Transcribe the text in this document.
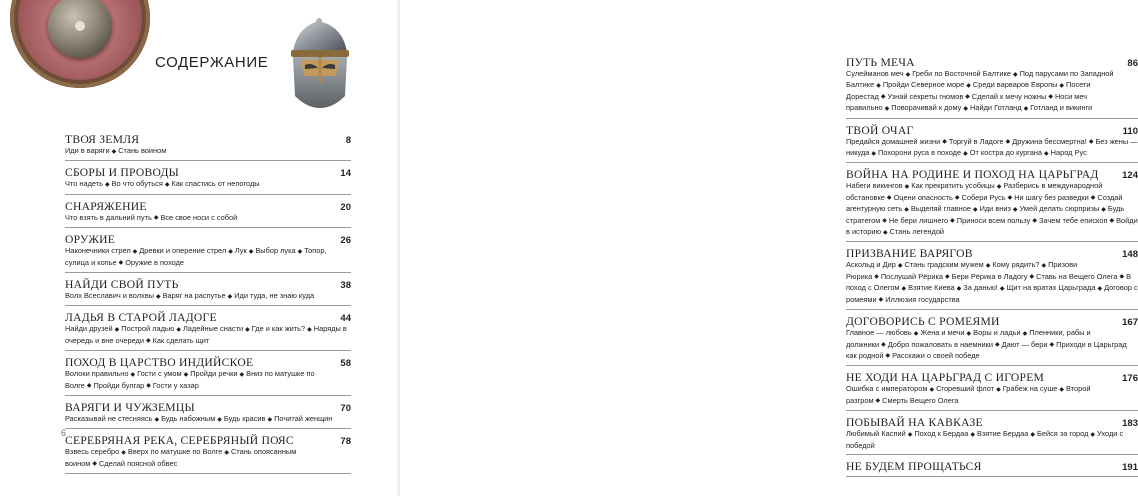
СОДЕРЖАНИЕ
ТВОЯ ЗЕМЛЯ	8
Иди в варяги ◆ Стань воином
СБОРЫ И ПРОВОДЫ	14
Что надеть ◆ Во что обуться ◆ Как спастись от непогоды
СНАРЯЖЕНИЕ	20
Что взять в дальний путь ◆ Все свое носи с собой
ОРУЖИЕ	26
Наконечники стрел ◆ Древки и оперение стрел ◆ Лук ◆ Выбор лука ◆ Топор, сулица и копье ◆ Оружие в походе
НАЙДИ СВОЙ ПУТЬ	38
Волх Всеславич и волхвы ◆ Варяг на распутье ◆ Иди туда, не знаю куда
ЛАДЬЯ В СТАРОЙ ЛАДОГЕ	44
Найди друзей ◆ Построй ладью ◆ Ладейные снасти ◆ Где и как жить? ◆ Наряды в очередь и вне очереди ◆ Как сделать щит
ПОХОД В ЦАРСТВО ИНДИЙСКОЕ	58
Волоки правильно ◆ Гости с умом ◆ Пройди речки ◆ Вниз по матушке по Волге ◆ Пройди булгар ◆ Гости у хазар
ВАРЯГИ И ЧУЖЗЕМЦЫ	70
Расказывай не стесняясь ◆ Будь набожным ◆ Будь красив ◆ Почитай женщин
СЕРЕБРЯНАЯ РЕКА, СЕРЕБРЯНЫЙ ПОЯС	78
Взвесь серебро ◆ Вверх по матушке по Волге ◆ Стань опоясанным воином ◆ Сделай поясной обвес
6
ПУТЬ МЕЧА	86
Сулейманов меч ◆ Греби по Восточной Балтике ◆ Под парусами по Западной Балтике ◆ Пройди Северное море ◆ Среди варваров Европы ◆ Посети Дорестад ◆ Узнай секреты гномов ◆ Сделай к мечу ножны ◆ Носи меч правильно ◆ Поворачивай к дому ◆ Найди Готланд ◆ Готланд и викинги
ТВОЙ ОЧАГ	110
Предайся домашней жизни ◆ Торгуй в Ладоге ◆ Дружина бессмертна! ◆ Без жены — никуда ◆ Похорони руса в походе ◆ От костра до кургана ◆ Народ Рус
ВОЙНА НА РОДИНЕ И ПОХОД НА ЦАРЬГРАД 124
Набеги викингов ◆ Как прекратить усобицы ◆ Разберись в международной обстановке ◆ Оцени опасность ◆ Собери Русь ◆ Ни шагу без разведки ◆ Создай агентурную сеть ◆ Выделяй главное ◆ Иди вниз ◆ Умей делать сюрпризы ◆ Будь стратегом ◆ Не бери лишнего ◆ Приноси всем пользу ◆ Зачем тебе епископ ◆ Войди в историю ◆ Стань легендой
ПРИЗВАНИЕ ВАРЯГОВ	148
Аскольд и Дир ◆ Стань градским мужем ◆ Кому рядить? ◆ Призови Рюрика ◆ Послушай Рёрика ◆ Бери Рёрика в Ладогу ◆ Ставь на Вещего Олега ◆ В поход с Олегом ◆ Взятие Киева ◆ За данью! ◆ Щит на вратах Царьграда ◆ Договор с ромеями ◆ Иллюзия государства
ДОГОВОРИСЬ С РОМЕЯМИ	167
Главное — любовь ◆ Жена и мечи ◆ Воры и ладьи ◆ Пленники, рабы и должники ◆ Добро пожаловать в наемники ◆ Дают — бери ◆ Приходи в Царьград как родной ◆ Расскажи о своей победе
НЕ ХОДИ НА ЦАРЬГРАД С ИГОРЕМ	176
Ошибка с императором ◆ Сгоревший флот ◆ Грабеж на суше ◆ Второй разгром ◆ Смерть Вещего Олега
ПОБЫВАЙ НА КАВКАЗЕ	183
Любимый Каспий ◆ Поход к Бердаа ◆ Взятие Бердаа ◆ Бейся за город ◆ Уходи с победой
НЕ БУДЕМ ПРОЩАТЬСЯ	191
